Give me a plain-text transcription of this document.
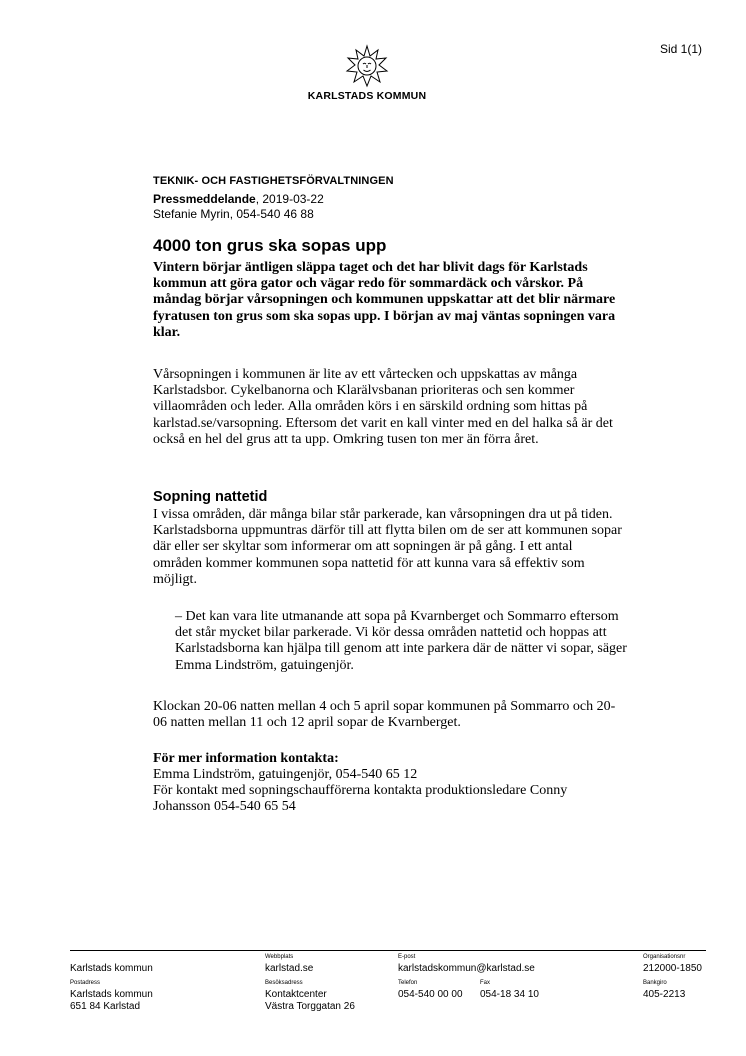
Sid 1(1)
KARLSTADS KOMMUN
TEKNIK- OCH FASTIGHETSFÖRVALTNINGEN
Pressmeddelande, 2019-03-22
Stefanie Myrin, 054-540 46 88
4000 ton grus ska sopas upp
Vintern börjar äntligen släppa taget och det har blivit dags för Karlstads kommun att göra gator och vägar redo för sommardäck och vårskor. På måndag börjar vårsopningen och kommunen uppskattar att det blir närmare fyratusen ton grus som ska sopas upp. I början av maj väntas sopningen vara klar.

Vårsopningen i kommunen är lite av ett vårtecken och uppskattas av många Karlstadsbor. Cykelbanorna och Klarälvsbanan prioriteras och sen kommer villaområden och leder. Alla områden körs i en särskild ordning som hittas på karlstad.se/varsopning. Eftersom det varit en kall vinter med en del halka så är det också en hel del grus att ta upp. Omkring tusen ton mer än förra året.

Sopning nattetid

I vissa områden, där många bilar står parkerade, kan vårsopningen dra ut på tiden. Karlstadsborna uppmuntras därför till att flytta bilen om de ser att kommunen sopar där eller ser skyltar som informerar om att sopningen är på gång. I ett antal områden kommer kommunen sopa nattetid för att kunna vara så effektiv som möjligt.

– Det kan vara lite utmanande att sopa på Kvarnberget och Sommarro eftersom det står mycket bilar parkerade. Vi kör dessa områden nattetid och hoppas att Karlstadsborna kan hjälpa till genom att inte parkera där de nätter vi sopar, säger Emma Lindström, gatuingenjör.

Klockan 20-06 natten mellan 4 och 5 april sopar kommunen på Sommarro och 20-06 natten mellan 11 och 12 april sopar de Kvarnberget.

För mer information kontakta:
Emma Lindström, gatuingenjör, 054-540 65 12
För kontakt med sopningschaufförerna kontakta produktionsledare Conny Johansson 054-540 65 54
Karlstads kommun
Webbplats
karlstad.se
E-post
karlstadskommun@karlstad.se
Organisationsnr
212000-1850
Postadress
Karlstads kommun
651 84 Karlstad
Besöksadress
Kontaktcenter
Västra Torggatan 26
Telefon
054-540 00 00
Fax
054-18 34 10
Bankgiro
405-2213
